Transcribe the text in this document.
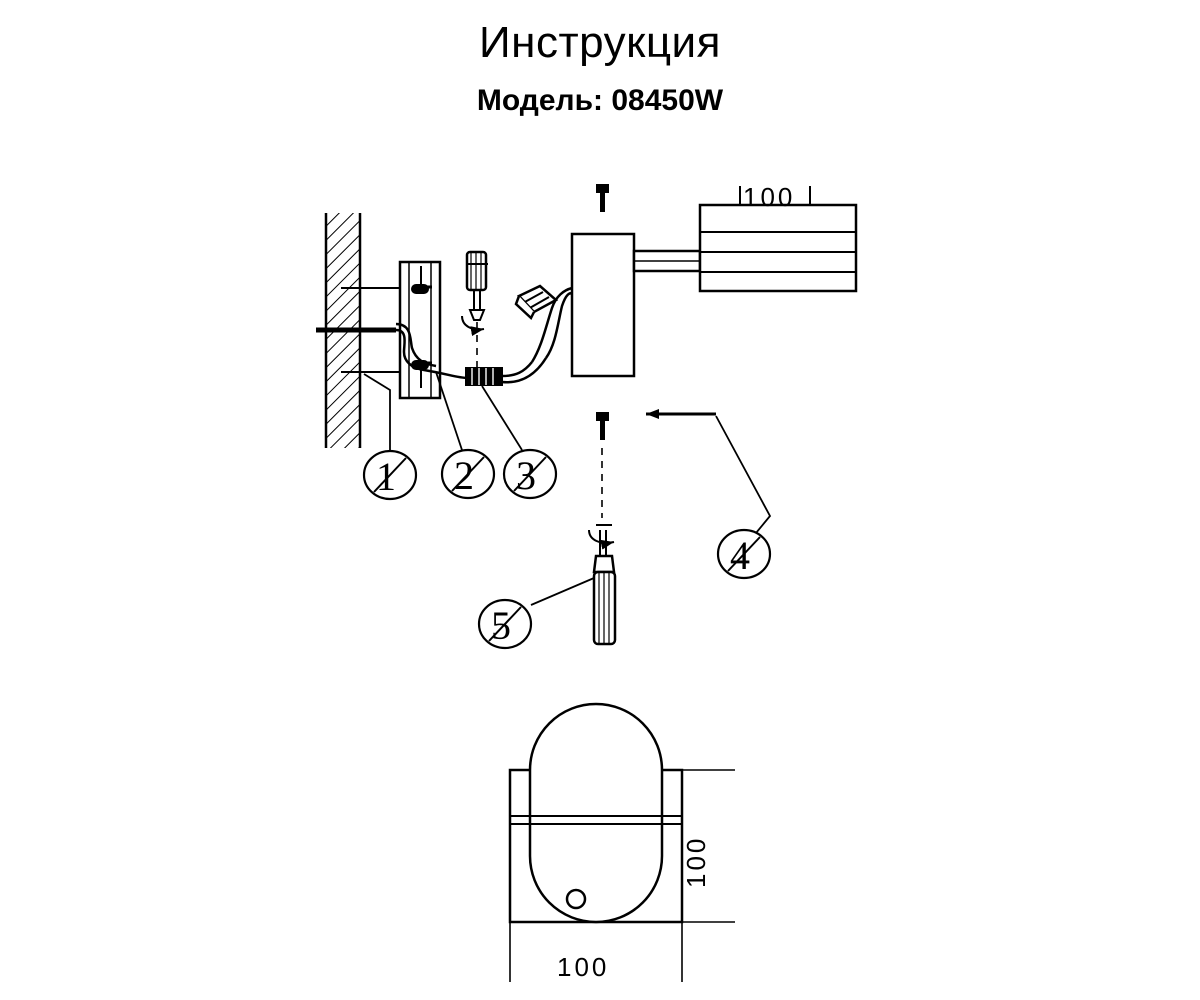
Инструкция
Модель: 08450W
100
1 2 3
4
5
100
100
